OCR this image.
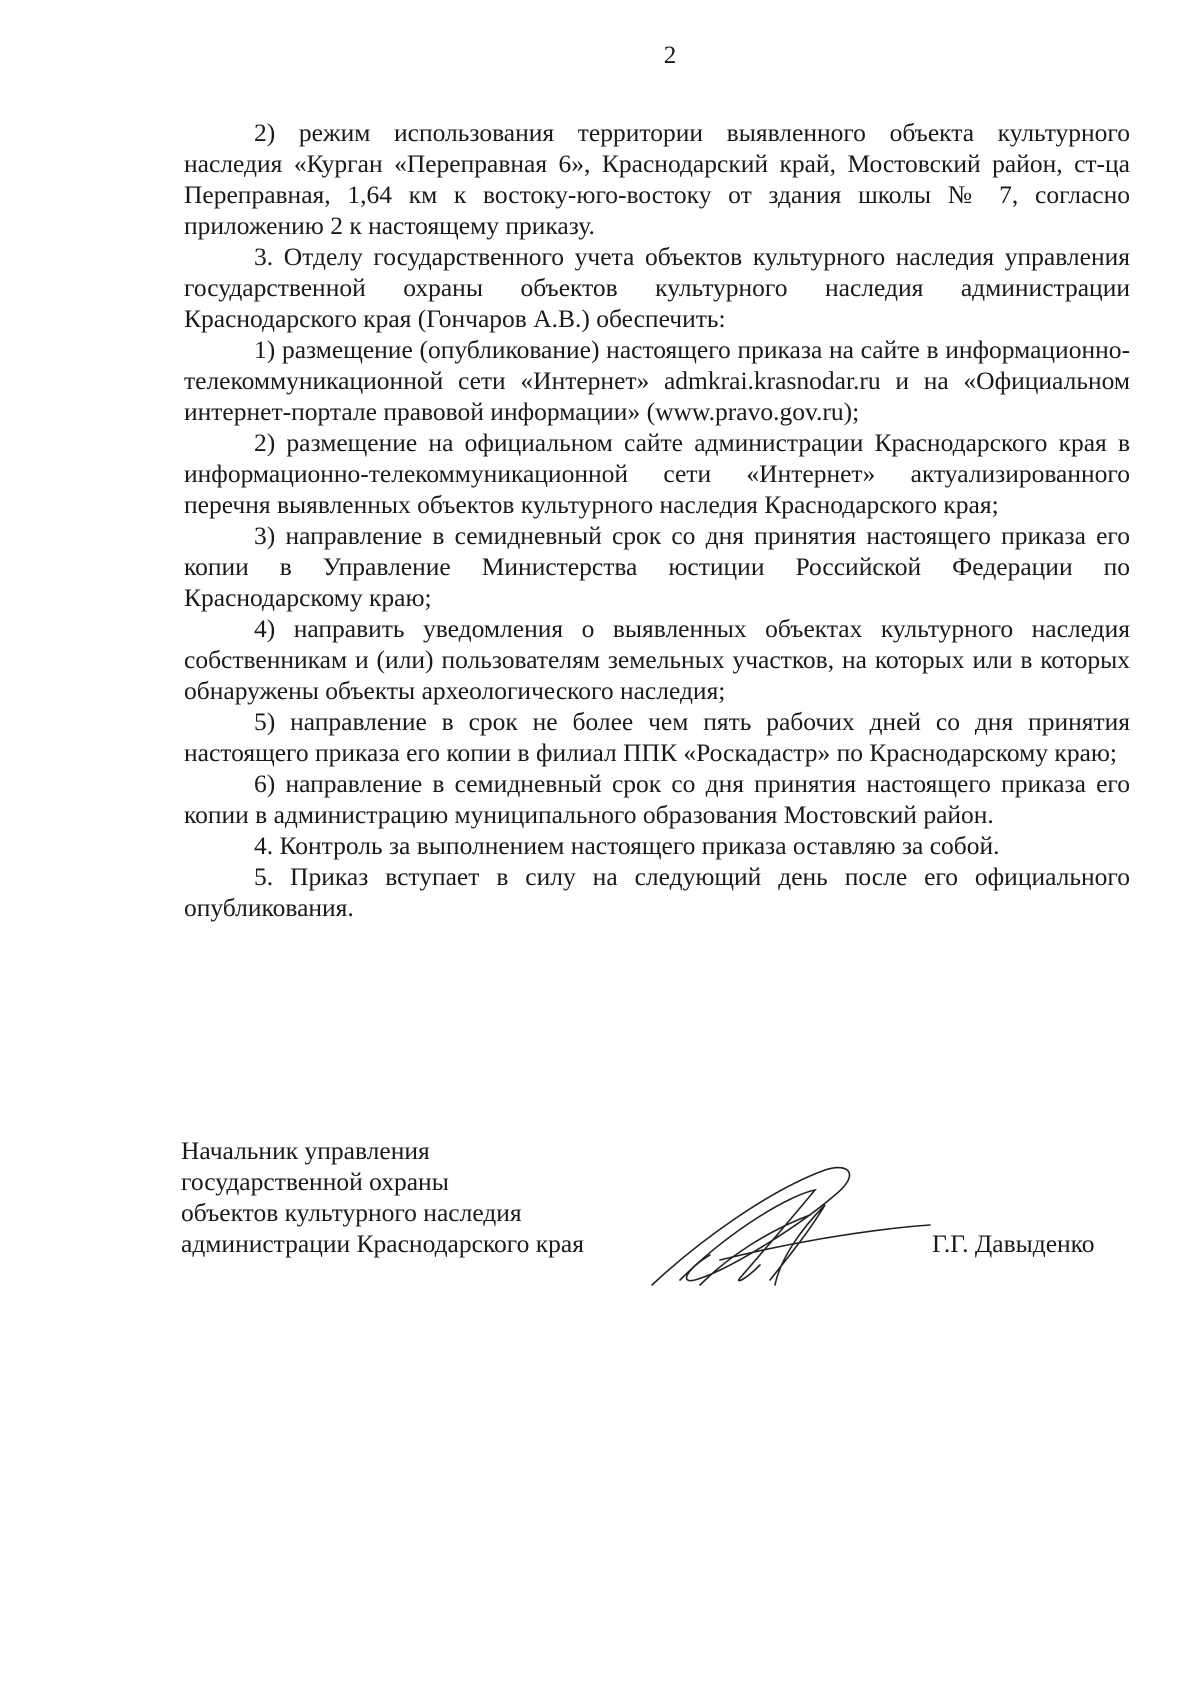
2

2) режим использования территории выявленного объекта культурного наследия «Курган «Переправная 6», Краснодарский край, Мостовский район, ст-ца Переправная, 1,64 км к востоку-юго-востоку от здания школы № 7, согласно приложению 2 к настоящему приказу.

3. Отделу государственного учета объектов культурного наследия управления государственной охраны объектов культурного наследия администрации Краснодарского края (Гончаров А.В.) обеспечить:

1) размещение (опубликование) настоящего приказа на сайте в информационно-телекоммуникационной сети «Интернет» admkrai.krasnodar.ru и на «Официальном интернет-портале правовой информации» (www.pravo.gov.ru);

2) размещение на официальном сайте администрации Краснодарского края в информационно-телекоммуникационной сети «Интернет» актуализированного перечня выявленных объектов культурного наследия Краснодарского края;

3) направление в семидневный срок со дня принятия настоящего приказа его копии в Управление Министерства юстиции Российской Федерации по Краснодарскому краю;

4) направить уведомления о выявленных объектах культурного наследия собственникам и (или) пользователям земельных участков, на которых или в которых обнаружены объекты археологического наследия;

5) направление в срок не более чем пять рабочих дней со дня принятия настоящего приказа его копии в филиал ППК «Роскадастр» по Краснодарскому краю;

6) направление в семидневный срок со дня принятия настоящего приказа его копии в администрацию муниципального образования Мостовский район.

4. Контроль за выполнением настоящего приказа оставляю за собой.

5. Приказ вступает в силу на следующий день после его официального опубликования.

Начальник управления
государственной охраны
объектов культурного наследия
администрации Краснодарского края	Г.Г. Давыденко
